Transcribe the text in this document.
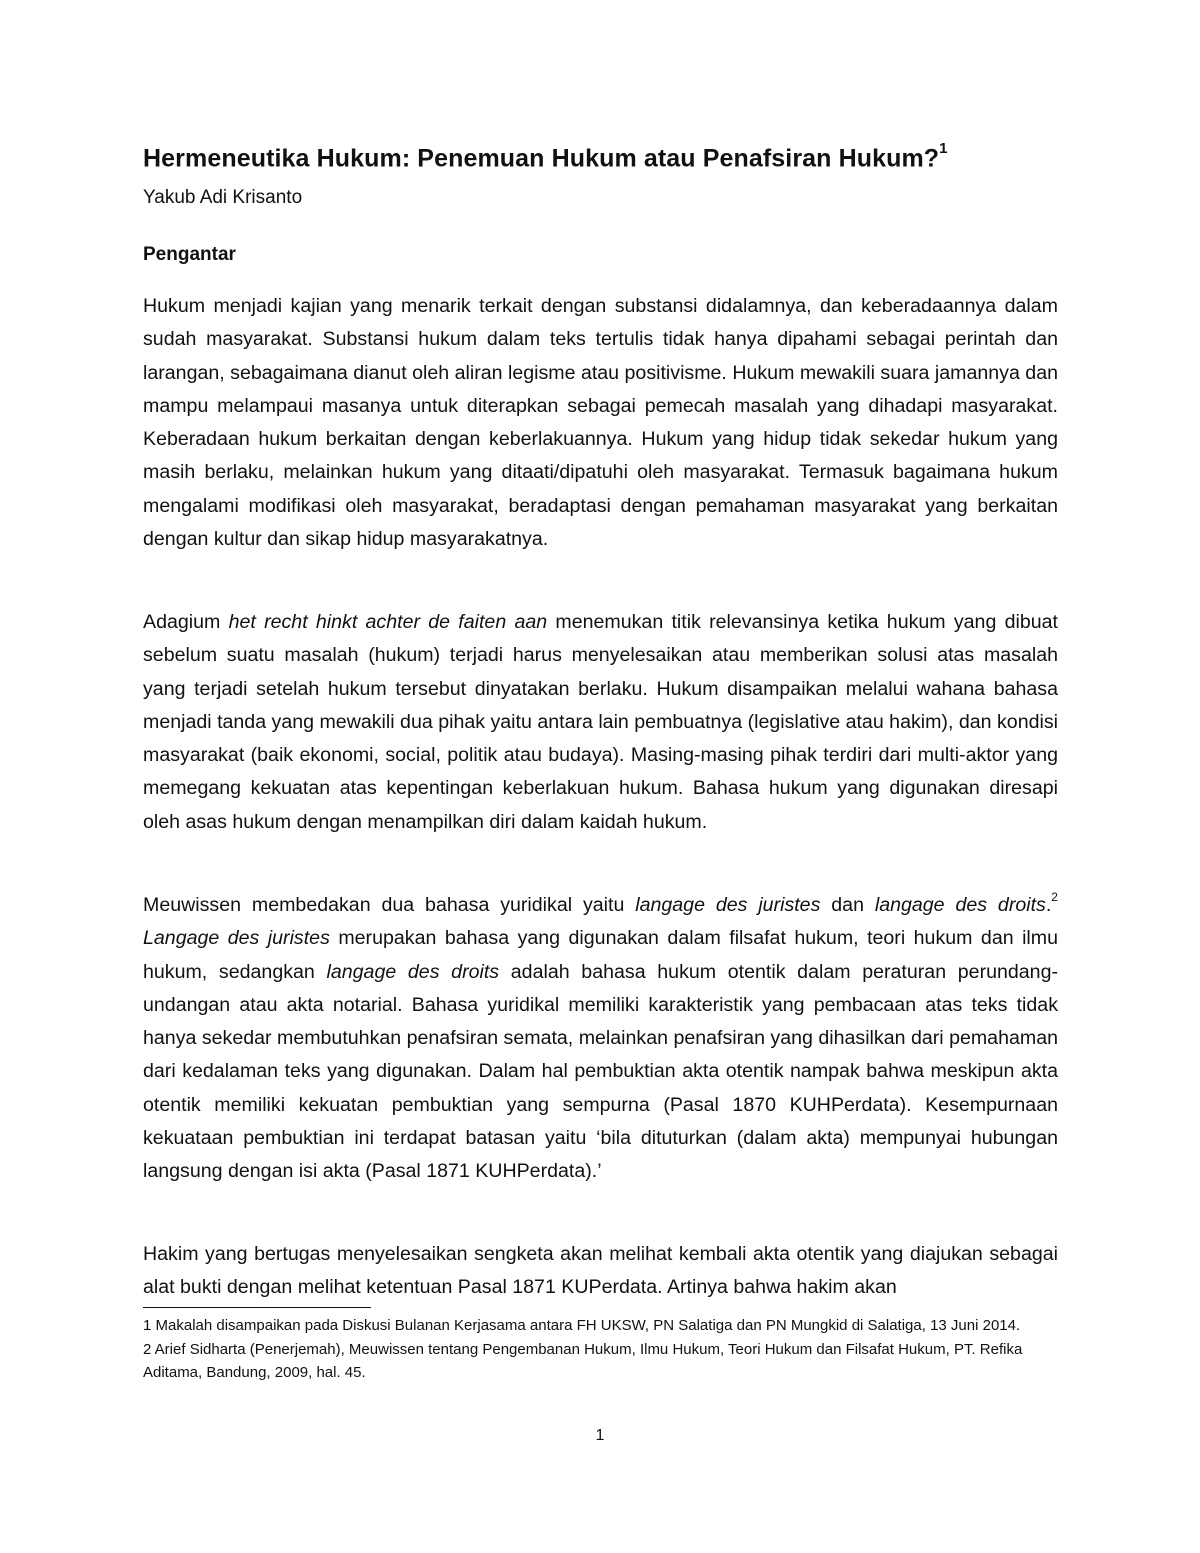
Hermeneutika Hukum: Penemuan Hukum atau Penafsiran Hukum?$^1$

Yakub Adi Krisanto

Pengantar

Hukum menjadi kajian yang menarik terkait dengan substansi didalamnya, dan keberadaannya dalam sudah masyarakat. Substansi hukum dalam teks tertulis tidak hanya dipahami sebagai perintah dan larangan, sebagaimana dianut oleh aliran legisme atau positivisme. Hukum mewakili suara jamannya dan mampu melampaui masanya untuk diterapkan sebagai pemecah masalah yang dihadapi masyarakat. Keberadaan hukum berkaitan dengan keberlakuannya. Hukum yang hidup tidak sekedar hukum yang masih berlaku, melainkan hukum yang ditaati/dipatuhi oleh masyarakat. Termasuk bagaimana hukum mengalami modifikasi oleh masyarakat, beradaptasi dengan pemahaman masyarakat yang berkaitan dengan kultur dan sikap hidup masyarakatnya.

Adagium het recht hinkt achter de faiten aan menemukan titik relevansinya ketika hukum yang dibuat sebelum suatu masalah (hukum) terjadi harus menyelesaikan atau memberikan solusi atas masalah yang terjadi setelah hukum tersebut dinyatakan berlaku. Hukum disampaikan melalui wahana bahasa menjadi tanda yang mewakili dua pihak yaitu antara lain pembuatnya (legislative atau hakim), dan kondisi masyarakat (baik ekonomi, social, politik atau budaya). Masing-masing pihak terdiri dari multi-aktor yang memegang kekuatan atas kepentingan keberlakuan hukum. Bahasa hukum yang digunakan diresapi oleh asas hukum dengan menampilkan diri dalam kaidah hukum.

Meuwissen membedakan dua bahasa yuridikal yaitu langage des juristes dan langage des droits.$^2$ Langage des juristes merupakan bahasa yang digunakan dalam filsafat hukum, teori hukum dan ilmu hukum, sedangkan langage des droits adalah bahasa hukum otentik dalam peraturan perundang-undangan atau akta notarial. Bahasa yuridikal memiliki karakteristik yang pembacaan atas teks tidak hanya sekedar membutuhkan penafsiran semata, melainkan penafsiran yang dihasilkan dari pemahaman dari kedalaman teks yang digunakan. Dalam hal pembuktian akta otentik nampak bahwa meskipun akta otentik memiliki kekuatan pembuktian yang sempurna (Pasal 1870 KUHPerdata). Kesempurnaan kekuataan pembuktian ini terdapat batasan yaitu ‘bila dituturkan (dalam akta) mempunyai hubungan langsung dengan isi akta (Pasal 1871 KUHPerdata).’

Hakim yang bertugas menyelesaikan sengketa akan melihat kembali akta otentik yang diajukan sebagai alat bukti dengan melihat ketentuan Pasal 1871 KUPerdata. Artinya bahwa hakim akan

1 Makalah disampaikan pada Diskusi Bulanan Kerjasama antara FH UKSW, PN Salatiga dan PN Mungkid di Salatiga, 13 Juni 2014.

2 Arief Sidharta (Penerjemah), Meuwissen tentang Pengembanan Hukum, Ilmu Hukum, Teori Hukum dan Filsafat Hukum, PT. Refika Aditama, Bandung, 2009, hal. 45.

1
